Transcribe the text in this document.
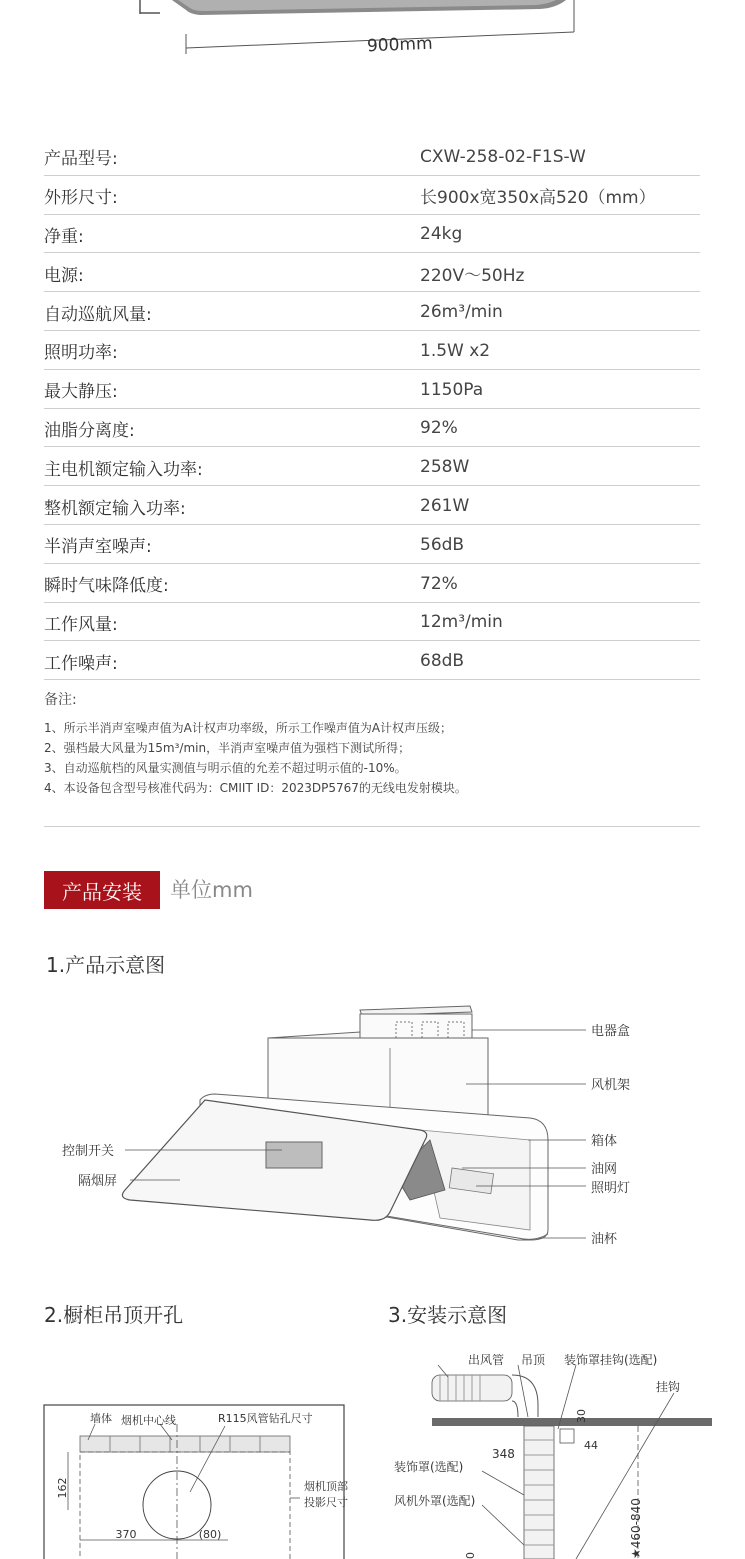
900mm
产品型号:	CXW-258-02-F1S-W
外形尺寸:	长900x宽350x高520（mm）
净重:	24kg
电源:	220V～50Hz
自动巡航风量:	26m³/min
照明功率:	1.5W x2
最大静压:	1150Pa
油脂分离度:	92%
主电机额定输入功率:	258W
整机额定输入功率:	261W
半消声室噪声:	56dB
瞬时气味降低度:	72%
工作风量:	12m³/min
工作噪声:	68dB
备注:
1、所示半消声室噪声值为A计权声功率级，所示工作噪声值为A计权声压级；
2、强档最大风量为15m³/min，半消声室噪声值为强档下测试所得；
3、自动巡航档的风量实测值与明示值的允差不超过明示值的-10%。
4、本设备包含型号核准代码为：CMIIT ID：2023DP5767的无线电发射模块。
产品安装	单位mm
1.产品示意图
电器盒
风机架
箱体
油网
照明灯
油杯
控制开关
隔烟屏
2.橱柜吊顶开孔	3.安装示意图
墙体 烟机中心线	R115风管钻孔尺寸
烟机顶部
投影尺寸
162
370	(80)
出风管 吊顶 装饰罩挂钩(选配)
挂钩
30
348
44
装饰罩(选配)
风机外罩(选配)	★460-840
0
